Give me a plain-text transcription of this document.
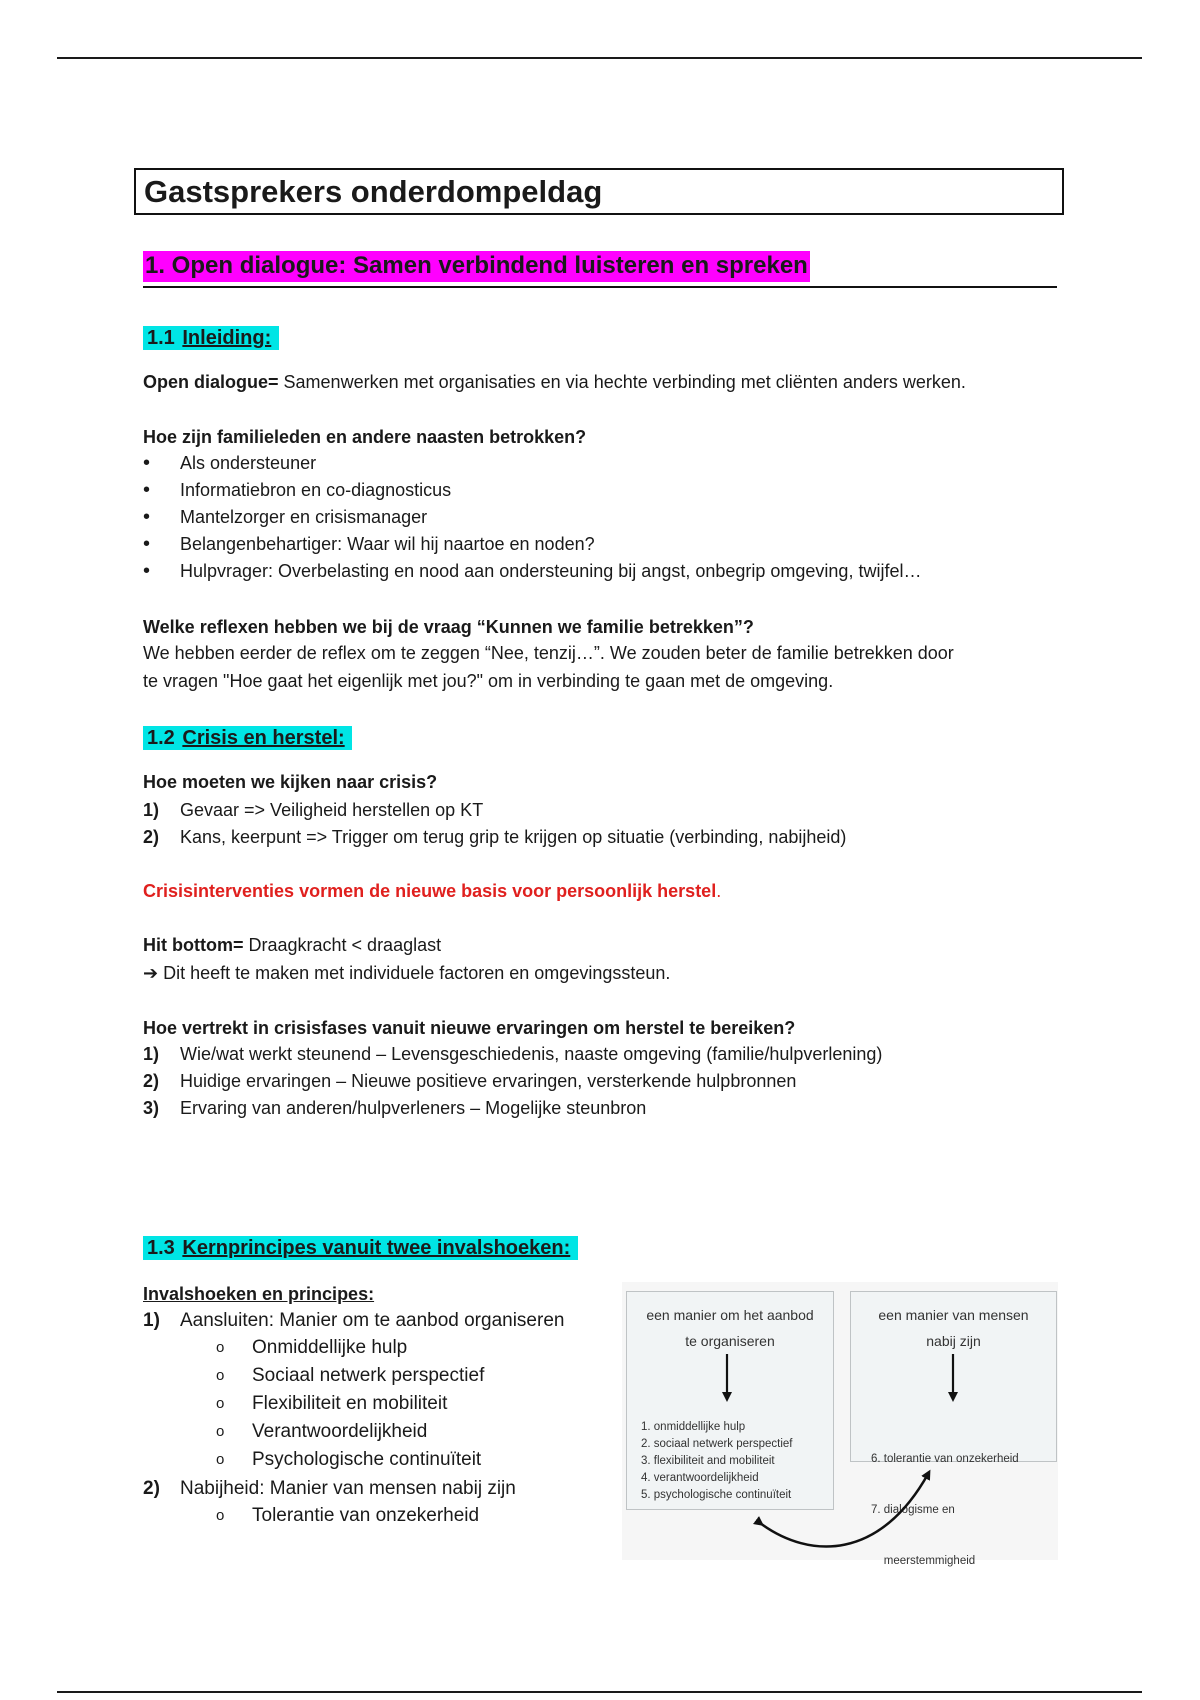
Gastsprekers onderdompeldag
1. Open dialogue: Samen verbindend luisteren en spreken
1.1 Inleiding:
Open dialogue= Samenwerken met organisaties en via hechte verbinding met cliënten anders werken.
Hoe zijn familieleden en andere naasten betrokken?
• Als ondersteuner
• Informatiebron en co-diagnosticus
• Mantelzorger en crisismanager
• Belangenbehartiger: Waar wil hij naartoe en noden?
• Hulpvrager: Overbelasting en nood aan ondersteuning bij angst, onbegrip omgeving, twijfel…
Welke reflexen hebben we bij de vraag “Kunnen we familie betrekken”?
We hebben eerder de reflex om te zeggen “Nee, tenzij…”. We zouden beter de familie betrekken door
te vragen "Hoe gaat het eigenlijk met jou?" om in verbinding te gaan met de omgeving.
1.2 Crisis en herstel:
Hoe moeten we kijken naar crisis?
1) Gevaar => Veiligheid herstellen op KT
2) Kans, keerpunt => Trigger om terug grip te krijgen op situatie (verbinding, nabijheid)
Crisisinterventies vormen de nieuwe basis voor persoonlijk herstel.
Hit bottom= Draagkracht < draaglast
➔ Dit heeft te maken met individuele factoren en omgevingssteun.
Hoe vertrekt in crisisfases vanuit nieuwe ervaringen om herstel te bereiken?
1) Wie/wat werkt steunend – Levensgeschiedenis, naaste omgeving (familie/hulpverlening)
2) Huidige ervaringen – Nieuwe positieve ervaringen, versterkende hulpbronnen
3) Ervaring van anderen/hulpverleners – Mogelijke steunbron
1.3 Kernprincipes vanuit twee invalshoeken:
Invalshoeken en principes:
1) Aansluiten: Manier om te aanbod organiseren
o Onmiddellijke hulp
o Sociaal netwerk perspectief
o Flexibiliteit en mobiliteit
o Verantwoordelijkheid
o Psychologische continuïteit
2) Nabijheid: Manier van mensen nabij zijn
o Tolerantie van onzekerheid
een manier om het aanbod
te organiseren
1. onmiddellijke hulp
2. sociaal netwerk perspectief
3. flexibiliteit and mobiliteit
4. verantwoordelijkheid
5. psychologische continuïteit
een manier van mensen
nabij zijn

6. tolerantie van onzekerheid

7. dialogisme en

meerstemmigheid
